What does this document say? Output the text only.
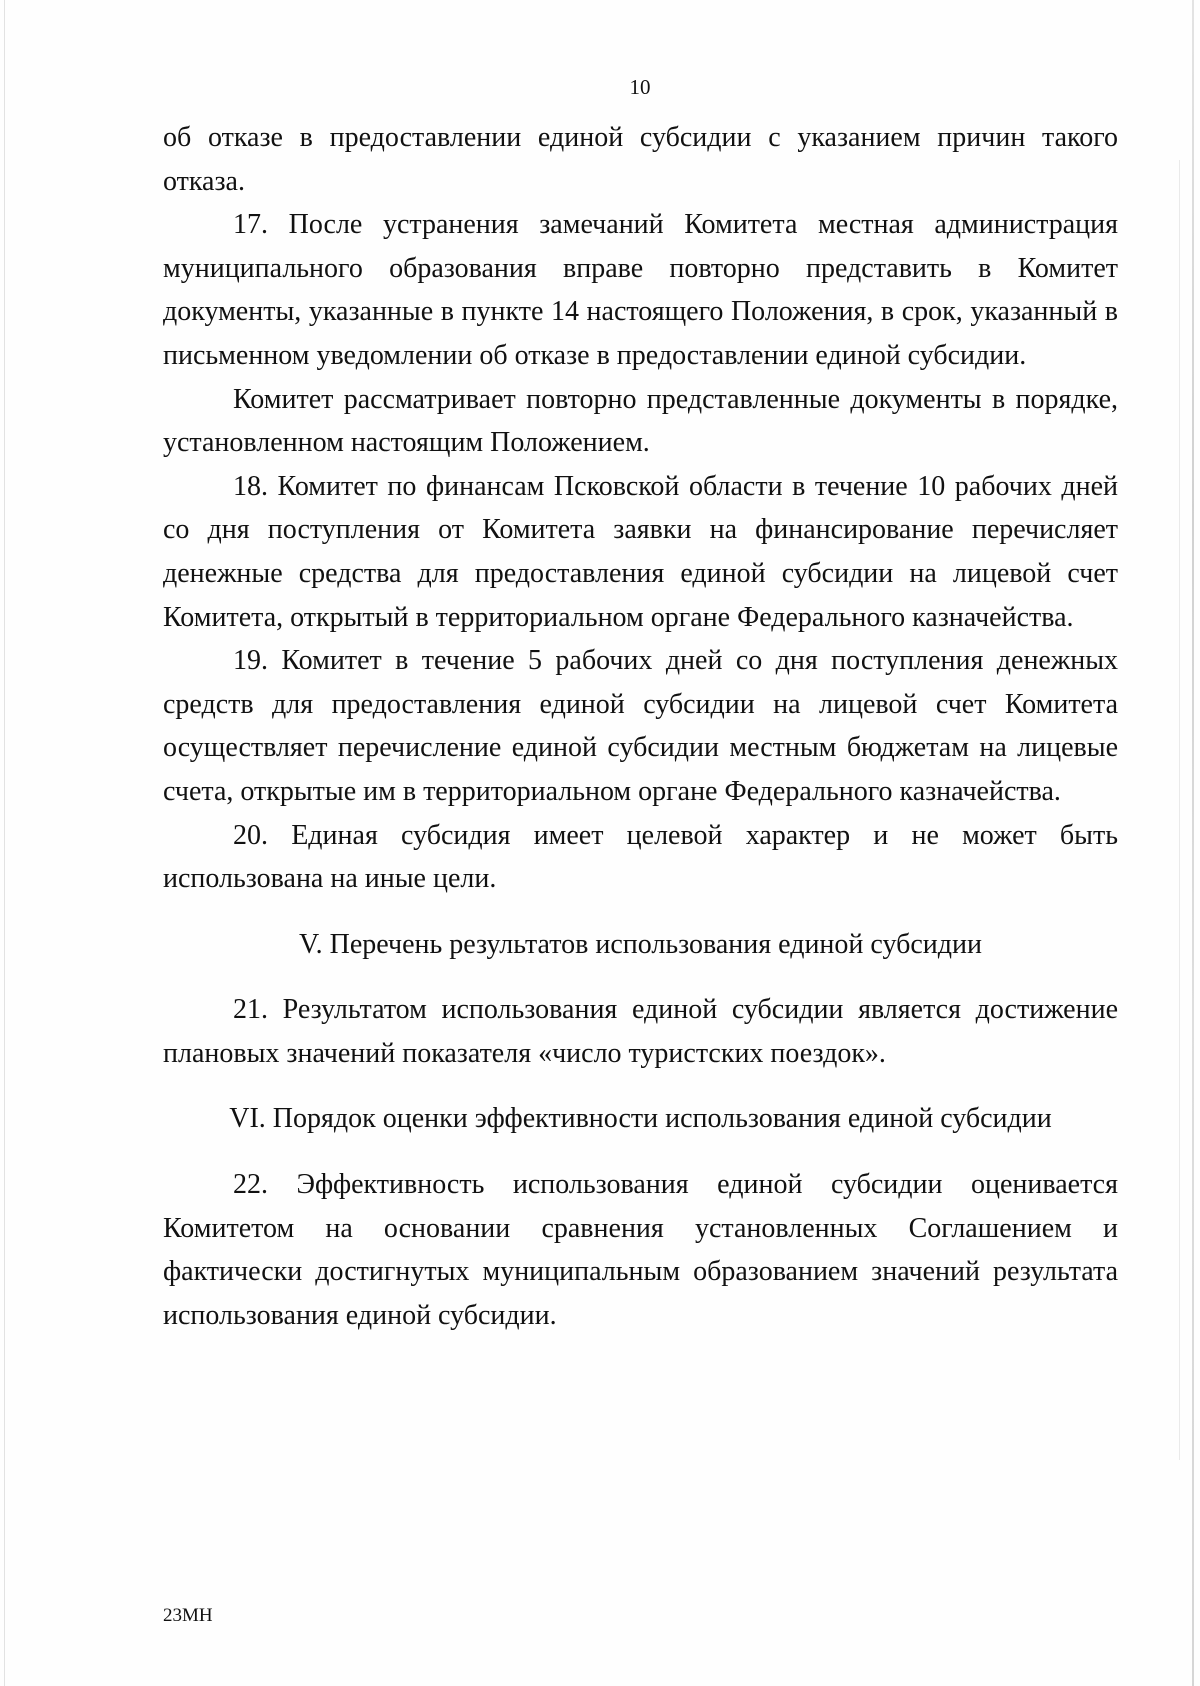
10

об отказе в предоставлении единой субсидии с указанием причин такого отказа.

17. После устранения замечаний Комитета местная администрация муниципального образования вправе повторно представить в Комитет документы, указанные в пункте 14 настоящего Положения, в срок, указанный в письменном уведомлении об отказе в предоставлении единой субсидии.

Комитет рассматривает повторно представленные документы в порядке, установленном настоящим Положением.

18. Комитет по финансам Псковской области в течение 10 рабочих дней со дня поступления от Комитета заявки на финансирование перечисляет денежные средства для предоставления единой субсидии на лицевой счет Комитета, открытый в территориальном органе Федерального казначейства.

19. Комитет в течение 5 рабочих дней со дня поступления денежных средств для предоставления единой субсидии на лицевой счет Комитета осуществляет перечисление единой субсидии местным бюджетам на лицевые счета, открытые им в территориальном органе Федерального казначейства.

20. Единая субсидия имеет целевой характер и не может быть использована на иные цели.

V. Перечень результатов использования единой субсидии

21. Результатом использования единой субсидии является достижение плановых значений показателя «число туристских поездок».

VI. Порядок оценки эффективности использования единой субсидии

22. Эффективность использования единой субсидии оценивается Комитетом на основании сравнения установленных Соглашением и фактически достигнутых муниципальным образованием значений результата использования единой субсидии.

23МН
